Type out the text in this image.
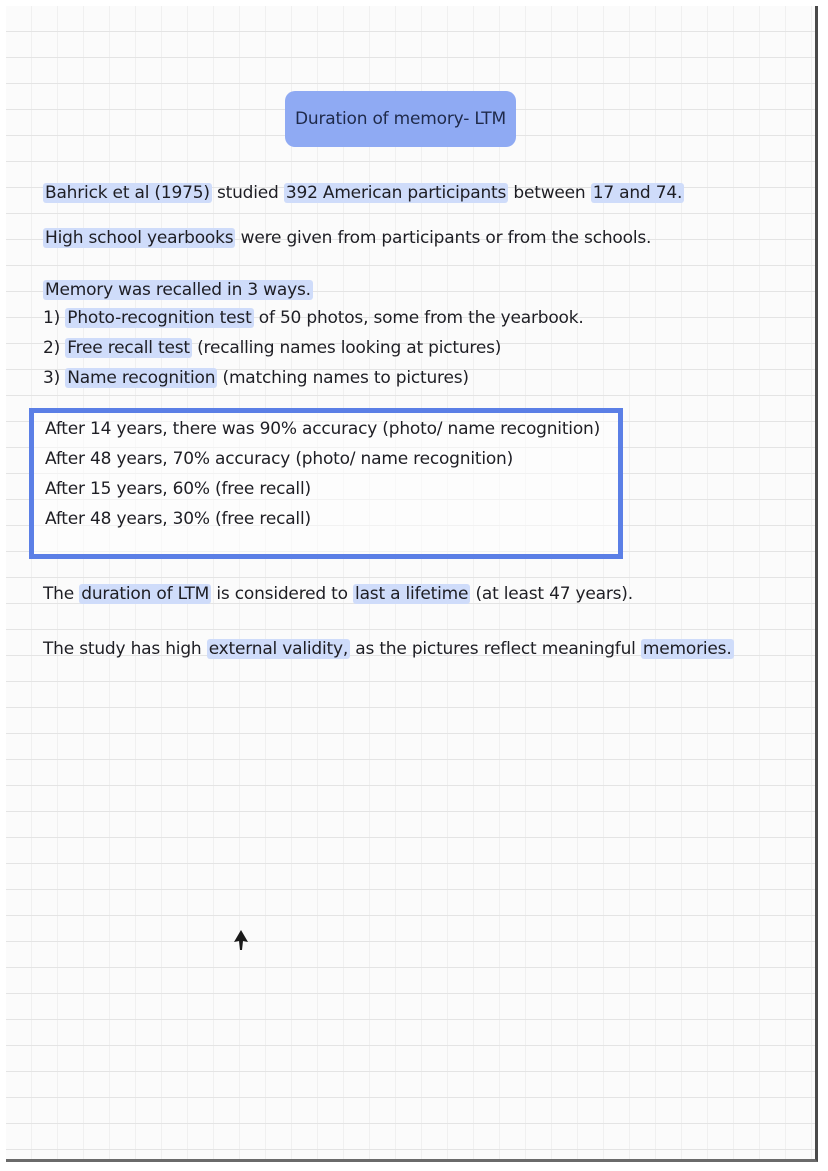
Duration of memory- LTM
Bahrick et al (1975) studied 392 American participants between 17 and 74.
High school yearbooks were given from participants or from the schools.
Memory was recalled in 3 ways.
1) Photo-recognition test of 50 photos, some from the yearbook.
2) Free recall test (recalling names looking at pictures)
3) Name recognition (matching names to pictures)
After 14 years, there was 90% accuracy (photo/ name recognition)
After 48 years, 70% accuracy (photo/ name recognition)
After 15 years, 60% (free recall)
After 48 years, 30% (free recall)
The duration of LTM is considered to last a lifetime (at least 47 years).
The study has high external validity, as the pictures reflect meaningful memories.
